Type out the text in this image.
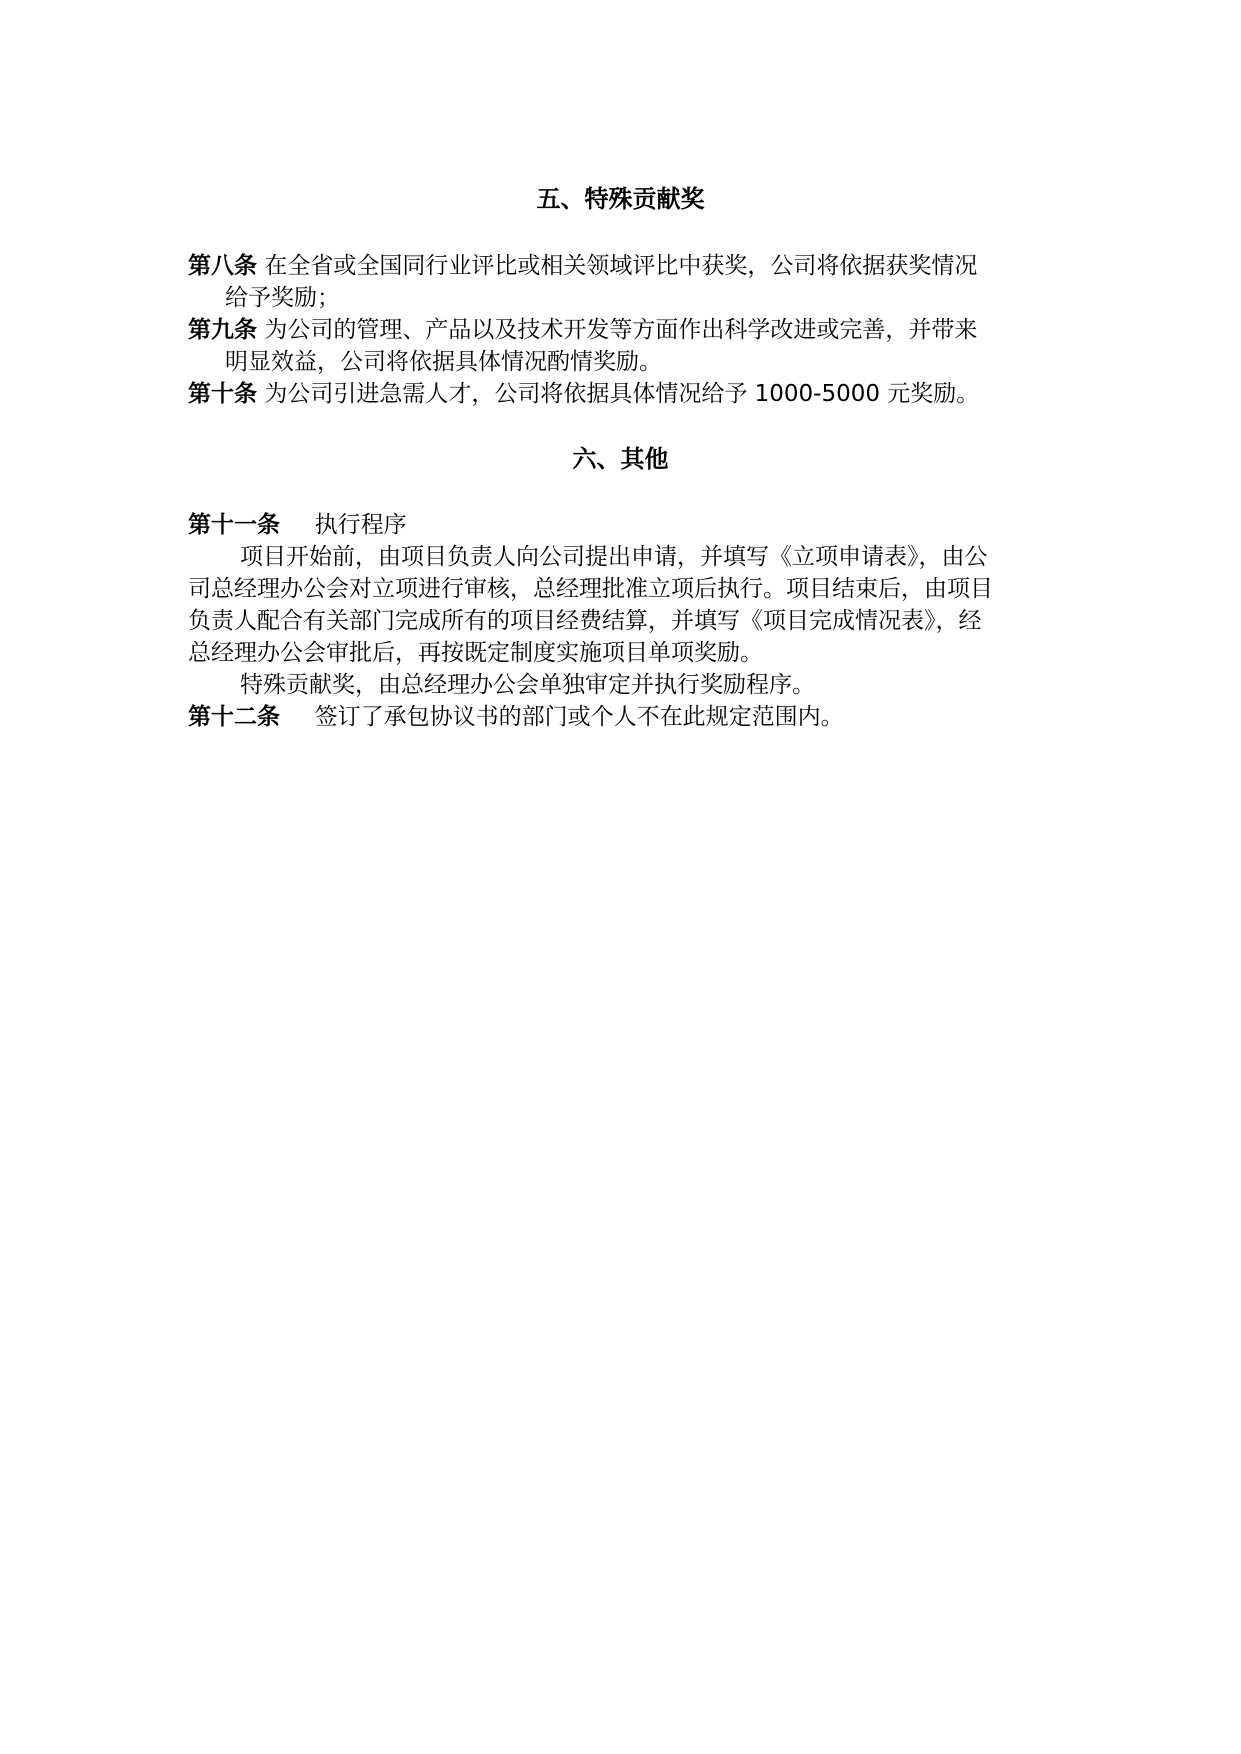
五、特殊贡献奖
第八条 在全省或全国同行业评比或相关领域评比中获奖，公司将依据获奖情况
给予奖励；
第九条 为公司的管理、产品以及技术开发等方面作出科学改进或完善，并带来
明显效益，公司将依据具体情况酌情奖励。
第十条 为公司引进急需人才，公司将依据具体情况给予 1000-5000 元奖励。
六、其他
第十一条 执行程序
项目开始前，由项目负责人向公司提出申请，并填写《立项申请表》，由公
司总经理办公会对立项进行审核，总经理批准立项后执行。项目结束后，由项目
负责人配合有关部门完成所有的项目经费结算，并填写《项目完成情况表》，经
总经理办公会审批后，再按既定制度实施项目单项奖励。
特殊贡献奖，由总经理办公会单独审定并执行奖励程序。
第十二条 签订了承包协议书的部门或个人不在此规定范围内。
